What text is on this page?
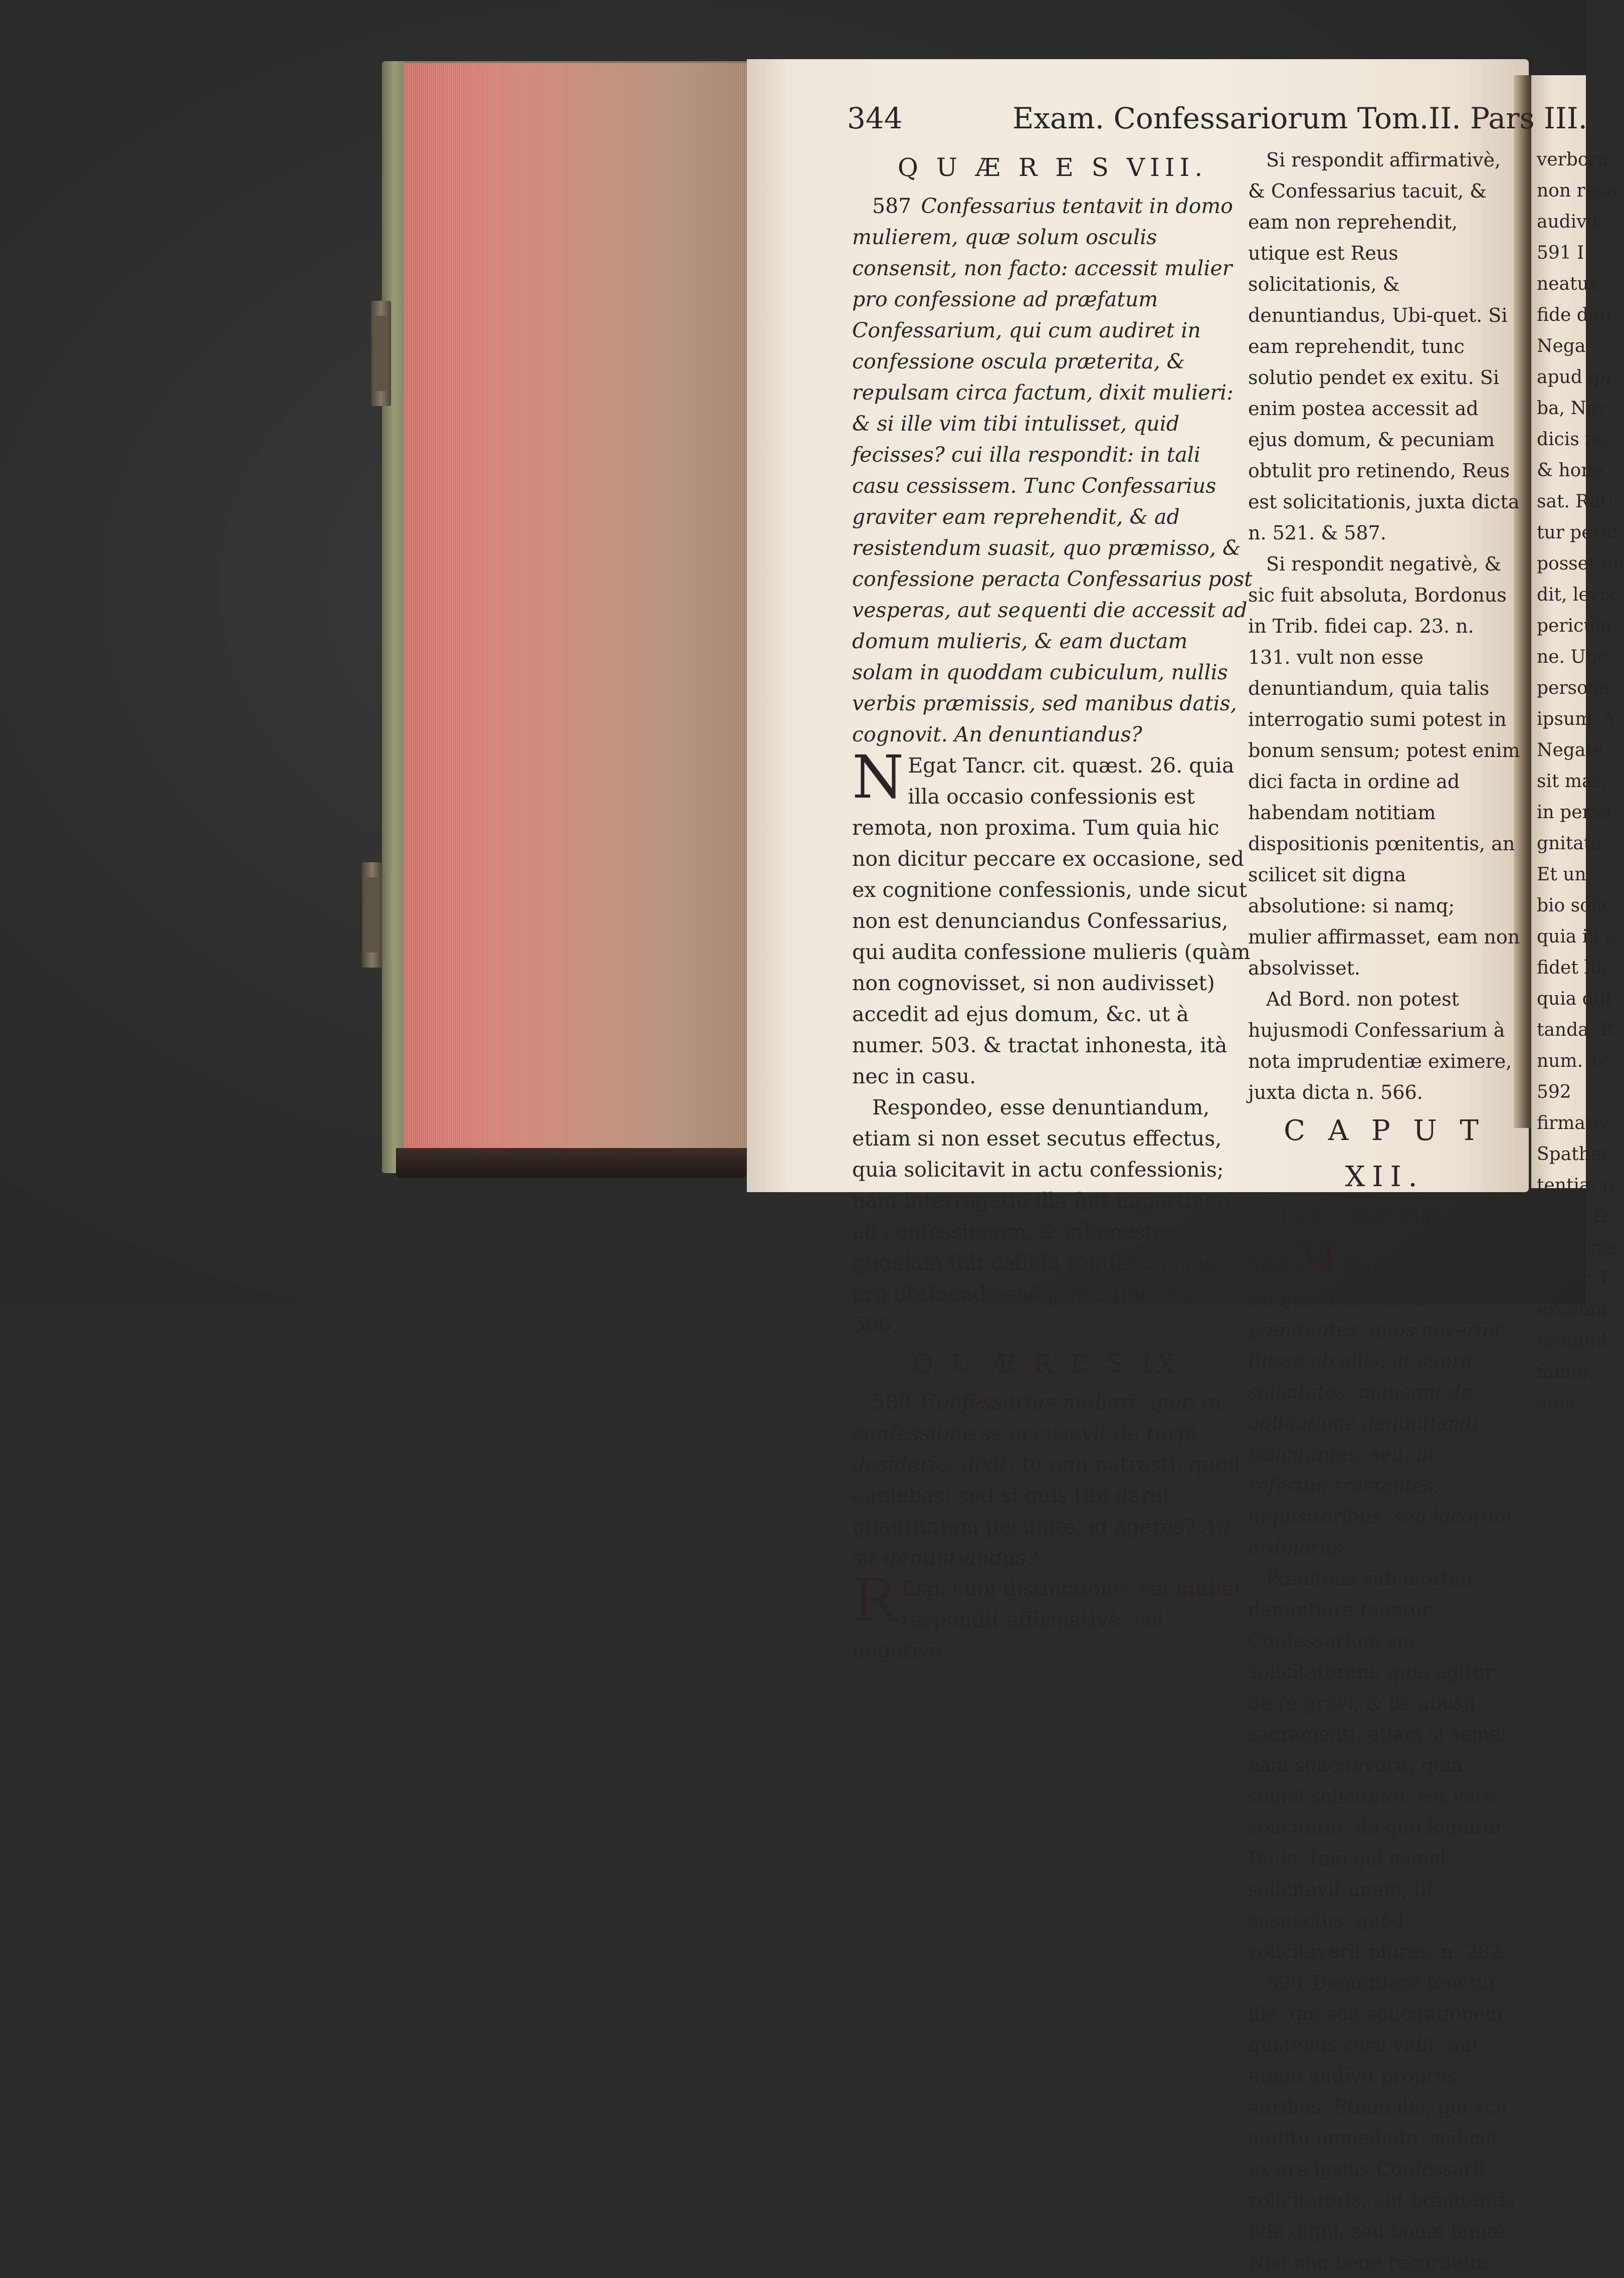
344	Exam. Confessariorum Tom.II. Pars III.

Q U Æ R E S VIII.

587 Confessarius tentavit in domo mulierem, quæ solum osculis consensit, non facto: accessit mulier pro confessione ad præfatum Confessarium, qui cum audiret in confessione oscula præterita, & repulsam circa factum, dixit mulieri: & si ille vim tibi intulisset, quid fecisses? cui illa respondit: in tali casu cessissem. Tunc Confessarius graviter eam reprehendit, & ad resistendum suasit, quo præmisso, & confessione peracta Confessarius post vesperas, aut sequenti die accessit ad domum mulieris, & eam ductam solam in quoddam cubiculum, nullis verbis præmissis, sed manibus datis, cognovit. An denuntiandus?

N Egat Tancr. cit. quæst. 26. quia illa occasio confessionis est remota, non proxima. Tum quia hic non dicitur peccare ex occasione, sed ex cognitione confessionis, unde sicut non est denunciandus Confessarius, qui audita confessione mulieris (quàm non cognovisset, si non audivisset) accedit ad ejus domum, &c. ut à numer. 503. & tractat inhonesta, ità nec in casu.

Respondeo, esse denuntiandum, etiam si non esset secutus effectus, quia solicitavit in actu confessionis; nam interrogatio illa fuit impertinens ad confessionem, & inhonesta; quoniam fuit callida requisitio modi pro obtinendo suo pravo fine: v. n. 506.

Q U Æ R E S IX.

588 Confessarius mulieri, quæ in confessione se accusavit de turpi desiderio, dixit: tu non patrasti, quod cupiebas; sed si quis tibi daret quantitatem pecuniæ, id ageres? An sit denuntiandus?

R Esp. cum distinctione, vel mulier respondit affirmativè, vel negativè.

Si respondit affirmativè, & Confessarius tacuit, & eam non reprehendit, utique est Reus solicitationis, & denuntiandus, Ubi-quet. Si eam reprehendit, tunc solutio pendet ex exitu. Si enim postea accessit ad ejus domum, & pecuniam obtulit pro retinendo, Reus est solicitationis, juxta dicta n. 521. & 587.

Si respondit negativè, & sic fuit absoluta, Bordonus in Trib. fidei cap. 23. n. 131. vult non esse denuntiandum, quia talis interrogatio sumi potest in bonum sensum; potest enim dici facta in ordine ad habendam notitiam dispositionis pœnitentis, an scilicet sit digna absolutione: si namq; mulier affirmasset, eam non absolvisset.

Ad Bord. non potest hujusmodi Confessarium à nota imprudentiæ eximere, juxta dicta n. 566.

C A P U T XII.

De secunda Clausula.

589 M Andantes omnibus Confessariis, ut suos pœnitentes, quos noverint fuisse ab aliis, ut supra, solicitatos, moneant de obligatione denuntiandi solicitantes, seu, ut refertur, tractantes, inquisitoribus, seu locorum ordinariis.

Pœnitens sub mortali denuntiare tenetur Confessarium sui solicitatorem; quia agitur de re gravi, & de abusu sacramenti, etiam si semel eam solicitaverit, quia semel solicitator, est verè solicitator, de quo loquitur Bulla. Imò qui semel solicitavit unam, fit suspectus, quòd solicitaverit plures, n. 282.

590 Denuntiare tenetur ille; qui scit solicitationem, quatenùs casu vidit, aut etiam audivit propriis auribus. Etiam ille, qui scit auditu immediato, scilicet ex ore ipsius Confessarii solicitatoris, aut pœnitentis fide digni, seu bonæ famæ. Nisi non benè recordetur.

verboru
non reco
audivit,
591 I
neatur,
fide digi
Nega
apud ipi
ba, Nav
dicis no
& hone
sat. Rati
tur peric
posset no
dit, levis
periculo
ne. Unc
persona
ipsum, à
Negate
sit mas,
in perso
gnitate.
Et un
bio solic
quia in c
fidet lib
quia dul
tanda, It
num. 1c
592
firmativ
Spathar
tentiæ n
nibus &
lictis spe
in hoc T
excomn
criminil
famæ,
aliis.
